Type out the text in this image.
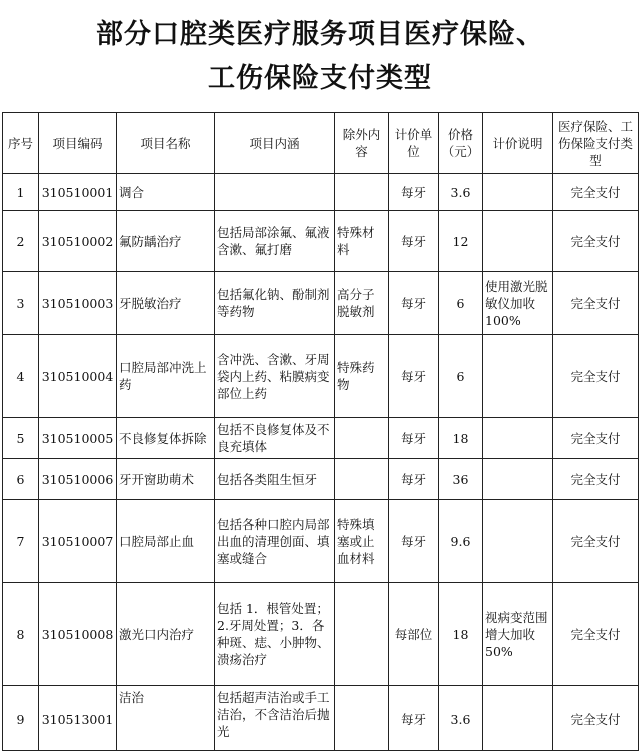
部分口腔类医疗服务项目医疗保险、
工伤保险支付类型
序号	项目编码	项目名称	项目内涵	除外内容	计价单位	价格（元）	计价说明	医疗保险、工伤保险支付类型
1	310510001	调合			每牙	3.6		完全支付
2	310510002	氟防龋治疗	包括局部涂氟、氟液含漱、氟打磨	特殊材料	每牙	12		完全支付
3	310510003	牙脱敏治疗	包括氟化钠、酚制剂等药物	高分子脱敏剂	每牙	6	使用激光脱敏仪加收 100%	完全支付
4	310510004	口腔局部冲洗上药	含冲洗、含漱、牙周袋内上药、粘膜病变部位上药	特殊药物	每牙	6		完全支付
5	310510005	不良修复体拆除	包括不良修复体及不良充填体		每牙	18		完全支付
6	310510006	牙开窗助萌术	包括各类阻生恒牙		每牙	36		完全支付
7	310510007	口腔局部止血	包括各种口腔内局部出血的清理创面、填塞或缝合	特殊填塞或止血材料	每牙	9.6		完全支付
8	310510008	激光口内治疗	包括 1．根管处置；2.牙周处置；3．各种斑、痣、小肿物、溃疡治疗		每部位	18	视病变范围增大加收 50%	完全支付
9	310513001	洁治	包括超声洁治或手工洁治，不含洁治后抛光		每牙	3.6		完全支付
